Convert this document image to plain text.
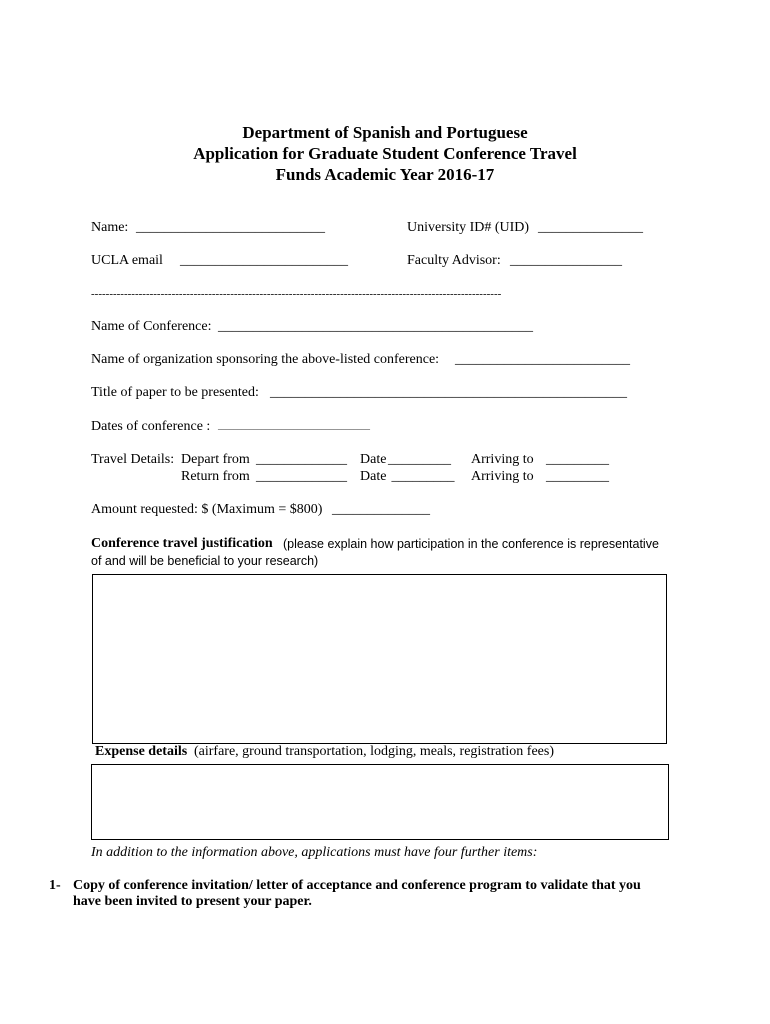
Department of Spanish and Portuguese
Application for Graduate Student Conference Travel
Funds Academic Year 2016-17
Name: ___________________________	University ID# (UID) _______________
UCLA email ________________________	Faculty Advisor: ________________
----------------------------------------------------------------------------------------------------------------
Name of Conference: _____________________________________________
Name of organization sponsoring the above-listed conference: _________________________
Title of paper to be presented: ___________________________________________________
Dates of conference : ______________________________________
Travel Details: Depart from _____________ Date _________ Arriving to _________
Return from _____________ Date _________ Arriving to _________
Amount requested: $ (Maximum = $800) ______________
Conference travel justification (please explain how participation in the conference is representative
of and will be beneficial to your research)
Expense details (airfare, ground transportation, lodging, meals, registration fees)
In addition to the information above, applications must have four further items:
1- Copy of conference invitation/ letter of acceptance and conference program to validate that you
have been invited to present your paper.
